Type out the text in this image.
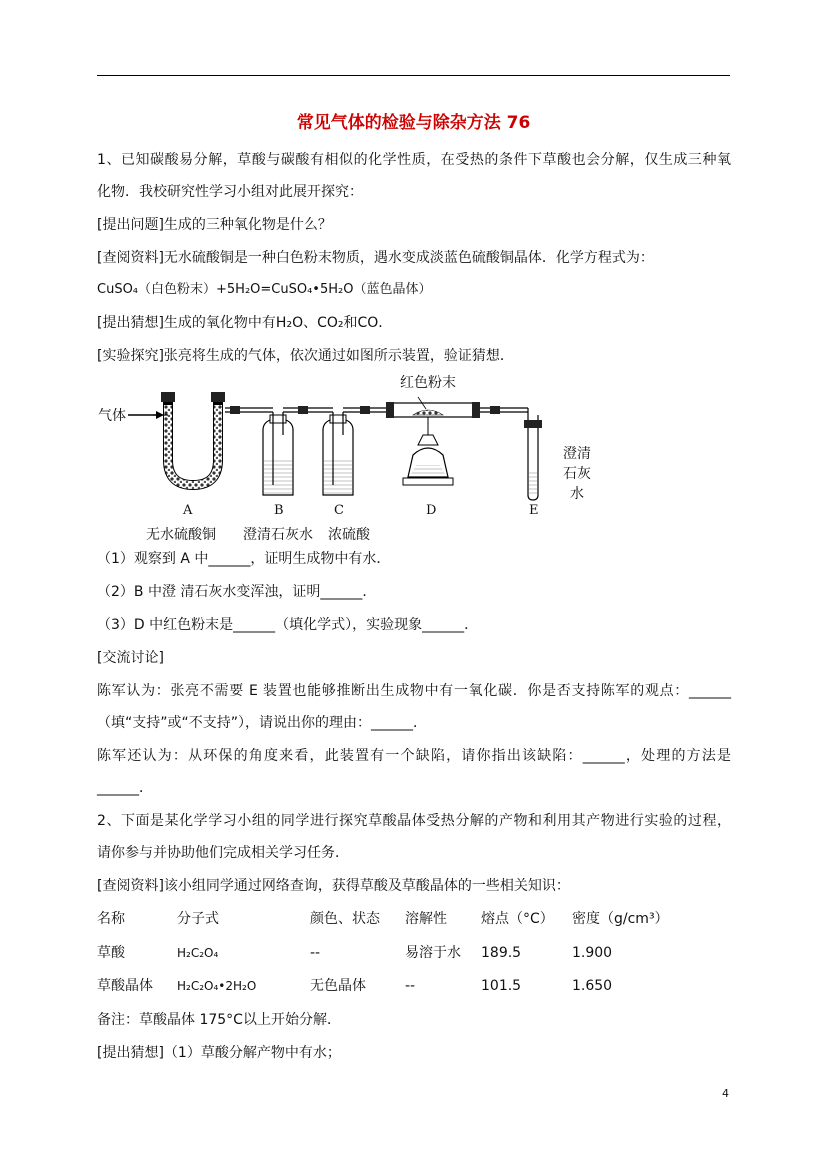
常见气体的检验与除杂方法 76
1、已知碳酸易分解，草酸与碳酸有相似的化学性质，在受热的条件下草酸也会分解，仅生成三种氧
化物．我校研究性学习小组对此展开探究：
[提出问题]生成的三种氧化物是什么？
[查阅资料]无水硫酸铜是一种白色粉末物质，遇水变成淡蓝色硫酸铜晶体．化学方程式为：
CuSO₄（白色粉末）+5H₂O=CuSO₄•5H₂O（蓝色晶体）
[提出猜想]生成的氧化物中有H₂O、CO₂和CO．
[实验探究]张亮将生成的气体，依次通过如图所示装置，验证猜想．
气体
红色粉末
A	B	C	D	E
无水硫酸铜 澄清石灰水 浓硫酸
澄清
石灰
水
（1）观察到 A 中______，证明生成物中有水．
（2）B 中澄 清石灰水变浑浊，证明______．
（3）D 中红色粉末是______（填化学式），实验现象______．
[交流讨论]
陈军认为：张亮不需要 E 装置也能够推断出生成物中有一氧化碳．你是否支持陈军的观点：______
（填“支持”或“不支持”），请说出你的理由：______．
陈军还认为：从环保的角度来看，此装置有一个缺陷，请你指出该缺陷：______，处理的方法是
______．
2、下面是某化学学习小组的同学进行探究草酸晶体受热分解的产物和利用其产物进行实验的过程，
请你参与并协助他们完成相关学习任务．
[查阅资料]该小组同学通过网络查询，获得草酸及草酸晶体的一些相关知识：
名称	分子式	颜色、状态 溶解性 熔点（°C） 密度（g/cm³）
草酸	H₂C₂O₄	--	易溶于水 189.5	1.900
草酸晶体 H₂C₂O₄•2H₂O	无色晶体	--	101.5	1.650
备注：草酸晶体 175°C以上开始分解．
[提出猜想]（1）草酸分解产物中有水；
4
